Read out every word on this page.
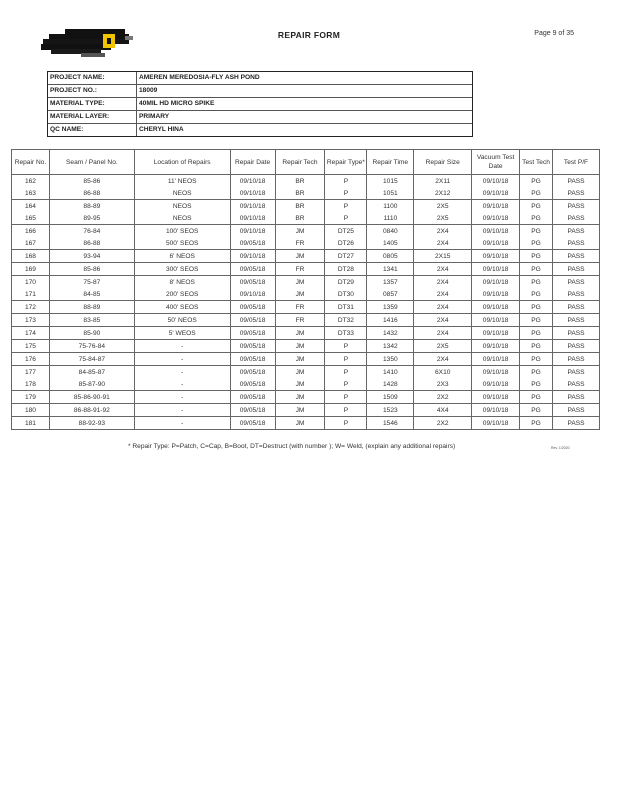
REPAIR FORM	Page 9 of 35
PROJECT NAME:	AMEREN MEREDOSIA-FLY ASH POND
PROJECT NO.:	18009
MATERIAL TYPE:	40MIL HD MICRO SPIKE
MATERIAL LAYER:	PRIMARY
QC NAME:	CHERYL HINA
Repair No.	Seam / Panel No.	Location of Repairs	Repair Date	Repair Tech	Repair Type*	Repair Time	Repair Size	Vacuum Test Date	Test Tech	Test P/F
162	85-86	11' NEOS	09/10/18	BR	P	1015	2X11	09/10/18	PG	PASS
163	86-88	NEOS	09/10/18	BR	P	1051	2X12	09/10/18	PG	PASS
164	88-89	NEOS	09/10/18	BR	P	1100	2X5	09/10/18	PG	PASS
165	89-95	NEOS	09/10/18	BR	P	1110	2X5	09/10/18	PG	PASS
166	76-84	100' SEOS	09/10/18	JM	DT25	0840	2X4	09/10/18	PG	PASS
167	86-88	500' SEOS	09/05/18	FR	DT26	1405	2X4	09/10/18	PG	PASS
168	93-94	6' NEOS	09/10/18	JM	DT27	0805	2X15	09/10/18	PG	PASS
169	85-86	300' SEOS	09/05/18	FR	DT28	1341	2X4	09/10/18	PG	PASS
170	75-87	8' NEOS	09/05/18	JM	DT29	1357	2X4	09/10/18	PG	PASS
171	84-85	200' SEOS	09/10/18	JM	DT30	0857	2X4	09/10/18	PG	PASS
172	88-89	400' SEOS	09/05/18	FR	DT31	1359	2X4	09/10/18	PG	PASS
173	83-85	50' NEOS	09/05/18	FR	DT32	1416	2X4	09/10/18	PG	PASS
174	85-90	5' WEOS	09/05/18	JM	DT33	1432	2X4	09/10/18	PG	PASS
175	75-76-84	-	09/05/18	JM	P	1342	2X5	09/10/18	PG	PASS
176	75-84-87	-	09/05/18	JM	P	1350	2X4	09/10/18	PG	PASS
177	84-85-87	-	09/05/18	JM	P	1410	6X10	09/10/18	PG	PASS
178	85-87-90	-	09/05/18	JM	P	1428	2X3	09/10/18	PG	PASS
179	85-86-90-91	-	09/05/18	JM	P	1509	2X2	09/10/18	PG	PASS
180	86-88-91-92	-	09/05/18	JM	P	1523	4X4	09/10/18	PG	PASS
181	88-92-93	-	09/05/18	JM	P	1546	2X2	09/10/18	PG	PASS
* Repair Type: P=Patch, C=Cap, B=Boot, DT=Destruct (with number ); W= Weld, (explain any additional repairs)	Rev. 1/2020
